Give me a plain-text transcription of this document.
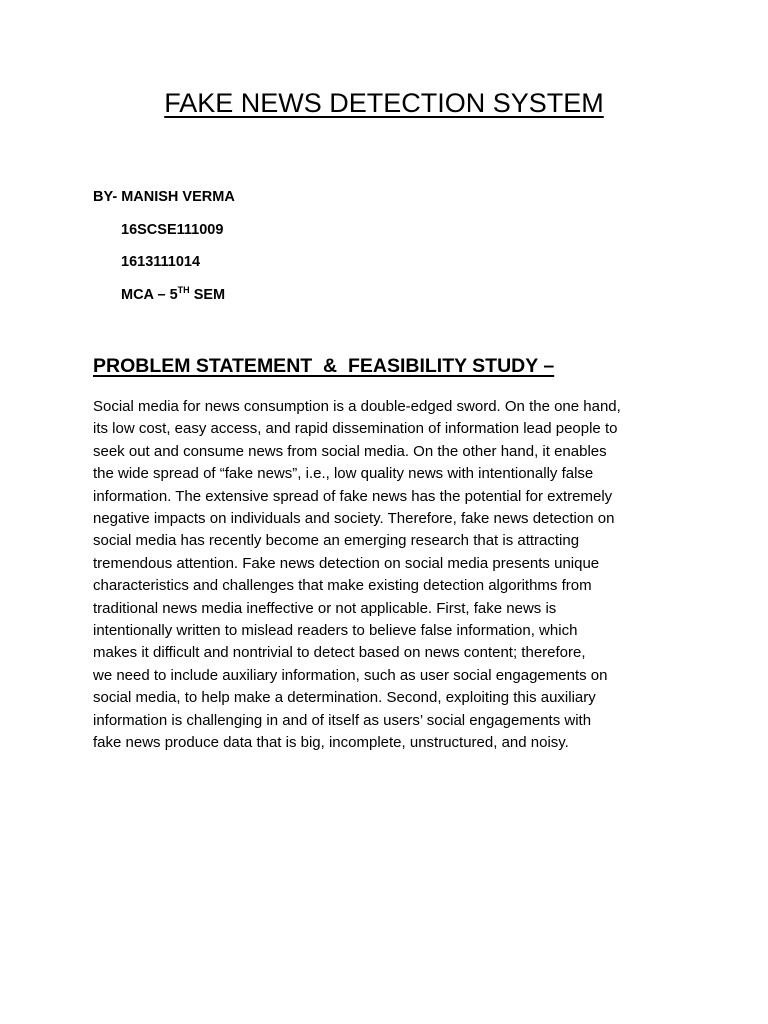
FAKE NEWS DETECTION SYSTEM
BY- MANISH VERMA
16SCSE111009
1613111014
MCA – 5TH SEM
PROBLEM STATEMENT  &  FEASIBILITY STUDY –

Social media for news consumption is a double-edged sword. On the one hand,
its low cost, easy access, and rapid dissemination of information lead people to
seek out and consume news from social media. On the other hand, it enables
the wide spread of “fake news”, i.e., low quality news with intentionally false
information. The extensive spread of fake news has the potential for extremely
negative impacts on individuals and society. Therefore, fake news detection on
social media has recently become an emerging research that is attracting
tremendous attention. Fake news detection on social media presents unique
characteristics and challenges that make existing detection algorithms from
traditional news media ineffective or not applicable. First, fake news is
intentionally written to mislead readers to believe false information, which
makes it difficult and nontrivial to detect based on news content; therefore,
we need to include auxiliary information, such as user social engagements on
social media, to help make a determination. Second, exploiting this auxiliary
information is challenging in and of itself as users’ social engagements with
fake news produce data that is big, incomplete, unstructured, and noisy.
